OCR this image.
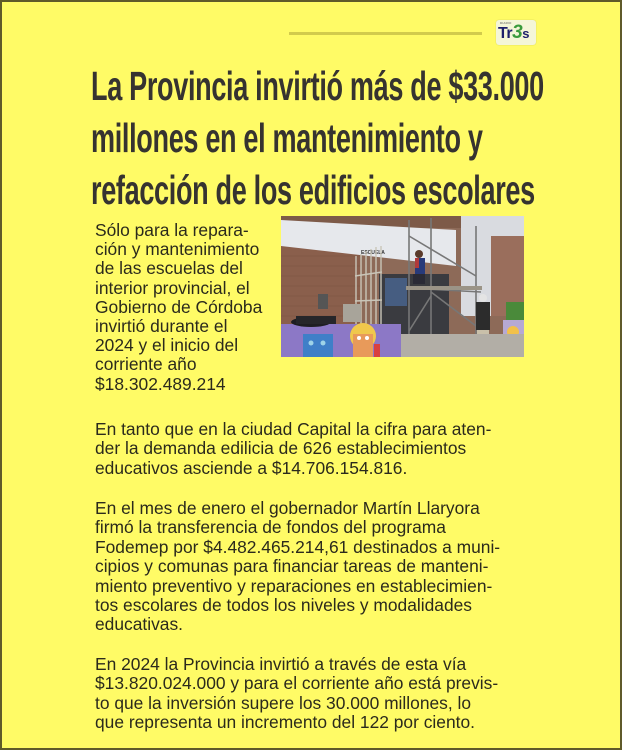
DIARIO
Tr3s
La Provincia invirtió más de $33.000
millones en el mantenimiento y
refacción de los edificios escolares
ESCUELA

Sólo para la repara-
ción y mantenimiento
de las escuelas del
interior provincial, el
Gobierno de Córdoba
invirtió durante el
2024 y el inicio del
corriente año
$18.302.489.214

En tanto que en la ciudad Capital la cifra para aten-
der la demanda edilicia de 626 establecimientos
educativos asciende a $14.706.154.816.

En el mes de enero el gobernador Martín Llaryora
firmó la transferencia de fondos del programa
Fodemep por $4.482.465.214,61 destinados a muni-
cipios y comunas para financiar tareas de manteni-
miento preventivo y reparaciones en establecimien-
tos escolares de todos los niveles y modalidades
educativas.

En 2024 la Provincia invirtió a través de esta vía
$13.820.024.000 y para el corriente año está previs-
to que la inversión supere los 30.000 millones, lo
que representa un incremento del 122 por ciento.
